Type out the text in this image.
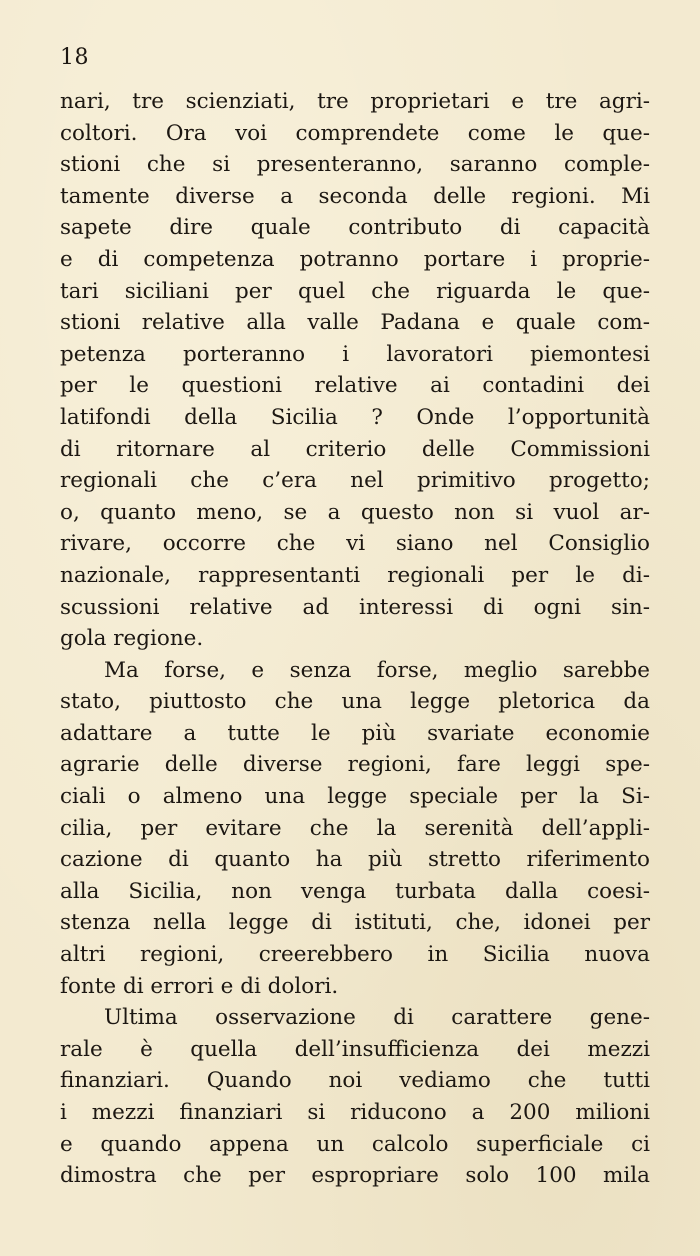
18
nari, tre scienziati, tre proprietari e tre agri-
coltori. Ora voi comprendete come le que-
stioni che si presenteranno, saranno comple-
tamente diverse a seconda delle regioni. Mi
sapete dire quale contributo di capacità
e di competenza potranno portare i proprie-
tari siciliani per quel che riguarda le que-
stioni relative alla valle Padana e quale com-
petenza porteranno i lavoratori piemontesi
per le questioni relative ai contadini dei
latifondi della Sicilia ? Onde l’opportunità
di ritornare al criterio delle Commissioni
regionali che c’era nel primitivo progetto;
o, quanto meno, se a questo non si vuol ar-
rivare, occorre che vi siano nel Consiglio
nazionale, rappresentanti regionali per le di-
scussioni relative ad interessi di ogni sin-
gola regione.
Ma forse, e senza forse, meglio sarebbe
stato, piuttosto che una legge pletorica da
adattare a tutte le più svariate economie
agrarie delle diverse regioni, fare leggi spe-
ciali o almeno una legge speciale per la Si-
cilia, per evitare che la serenità dell’appli-
cazione di quanto ha più stretto riferimento
alla Sicilia, non venga turbata dalla coesi-
stenza nella legge di istituti, che, idonei per
altri regioni, creerebbero in Sicilia nuova
fonte di errori e di dolori.
Ultima osservazione di carattere gene-
rale è quella dell’insufficienza dei mezzi
finanziari. Quando noi vediamo che tutti
i mezzi finanziari si riducono a 200 milioni
e quando appena un calcolo superficiale ci
dimostra che per espropriare solo 100 mila
